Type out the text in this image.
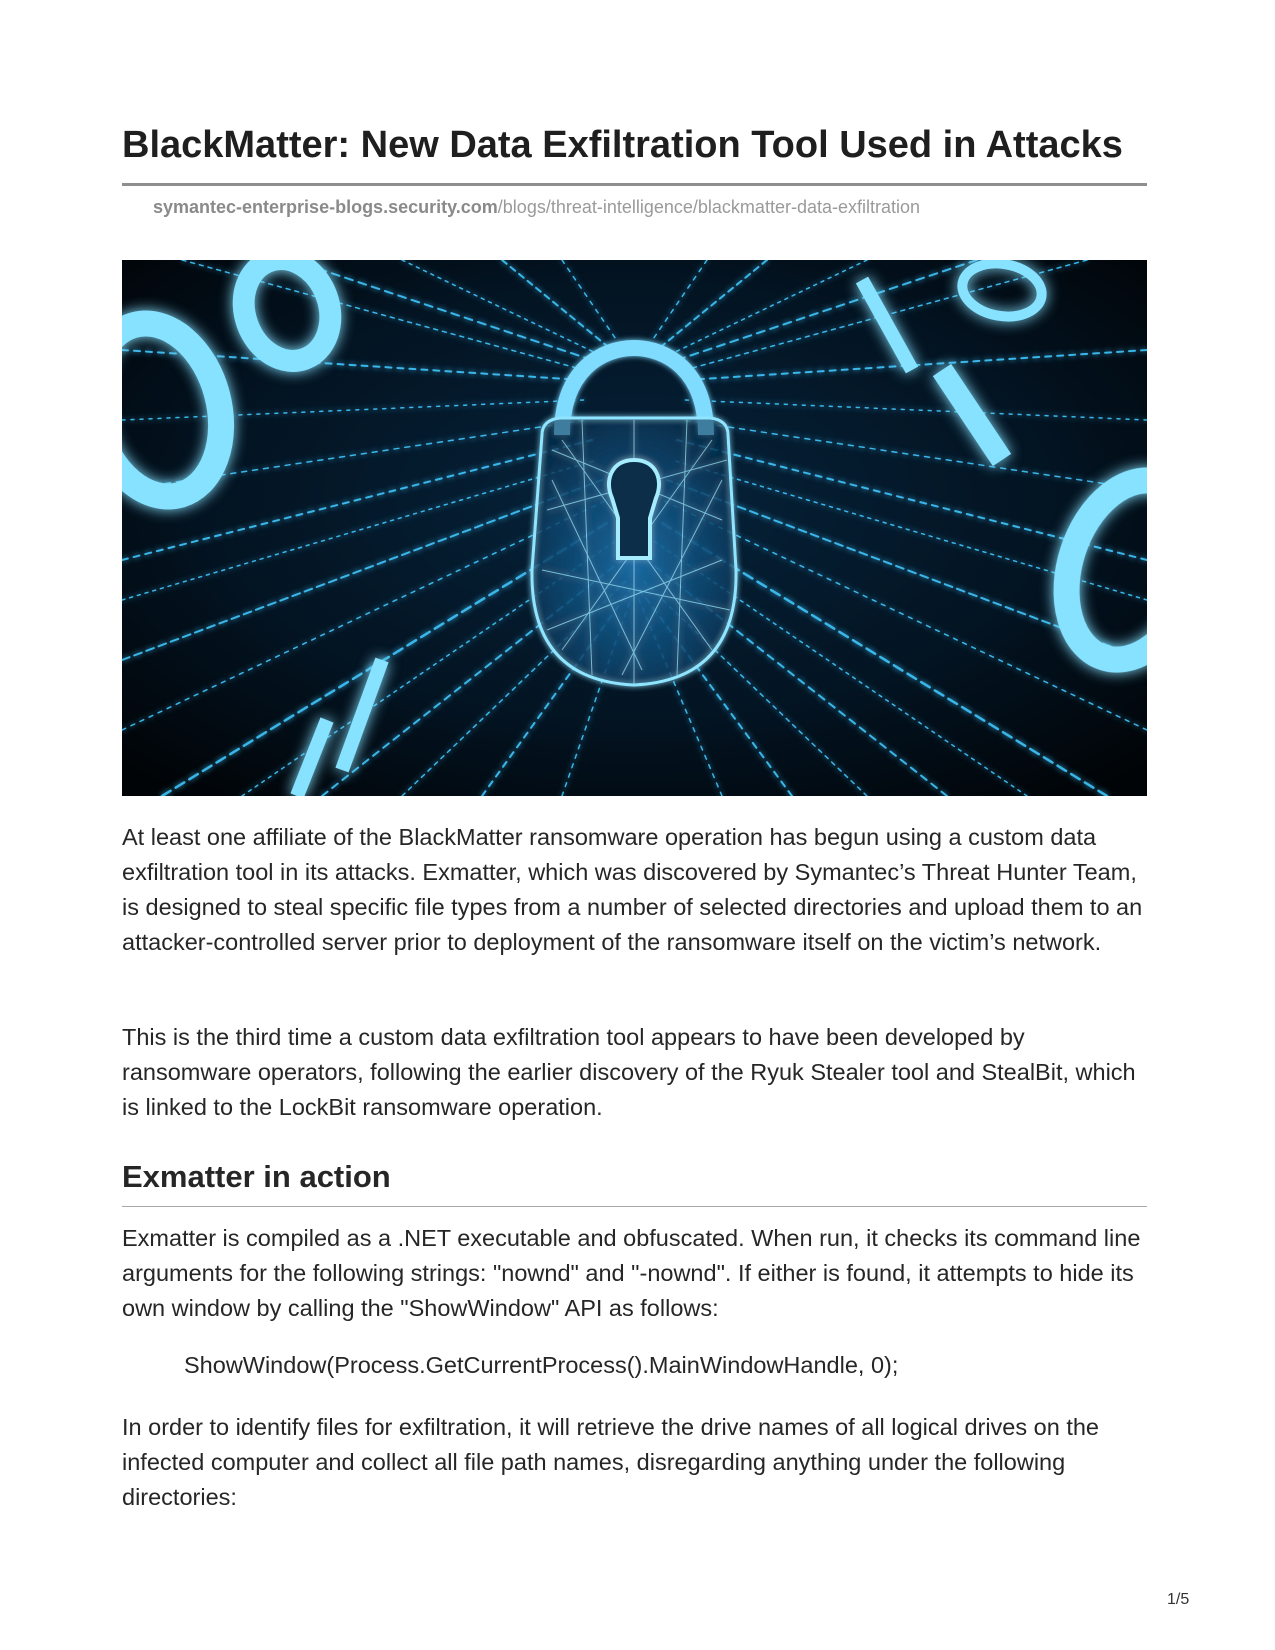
BlackMatter: New Data Exfiltration Tool Used in Attacks
symantec-enterprise-blogs.security.com/blogs/threat-intelligence/blackmatter-data-exfiltration

At least one affiliate of the BlackMatter ransomware operation has begun using a custom data exfiltration tool in its attacks. Exmatter, which was discovered by Symantec’s Threat Hunter Team, is designed to steal specific file types from a number of selected directories and upload them to an attacker-controlled server prior to deployment of the ransomware itself on the victim’s network.

This is the third time a custom data exfiltration tool appears to have been developed by ransomware operators, following the earlier discovery of the Ryuk Stealer tool and StealBit, which is linked to the LockBit ransomware operation.

Exmatter in action

Exmatter is compiled as a .NET executable and obfuscated. When run, it checks its command line arguments for the following strings: "nownd" and "-nownd". If either is found, it attempts to hide its own window by calling the "ShowWindow" API as follows:

ShowWindow(Process.GetCurrentProcess().MainWindowHandle, 0);

In order to identify files for exfiltration, it will retrieve the drive names of all logical drives on the infected computer and collect all file path names, disregarding anything under the following directories:

1/5
